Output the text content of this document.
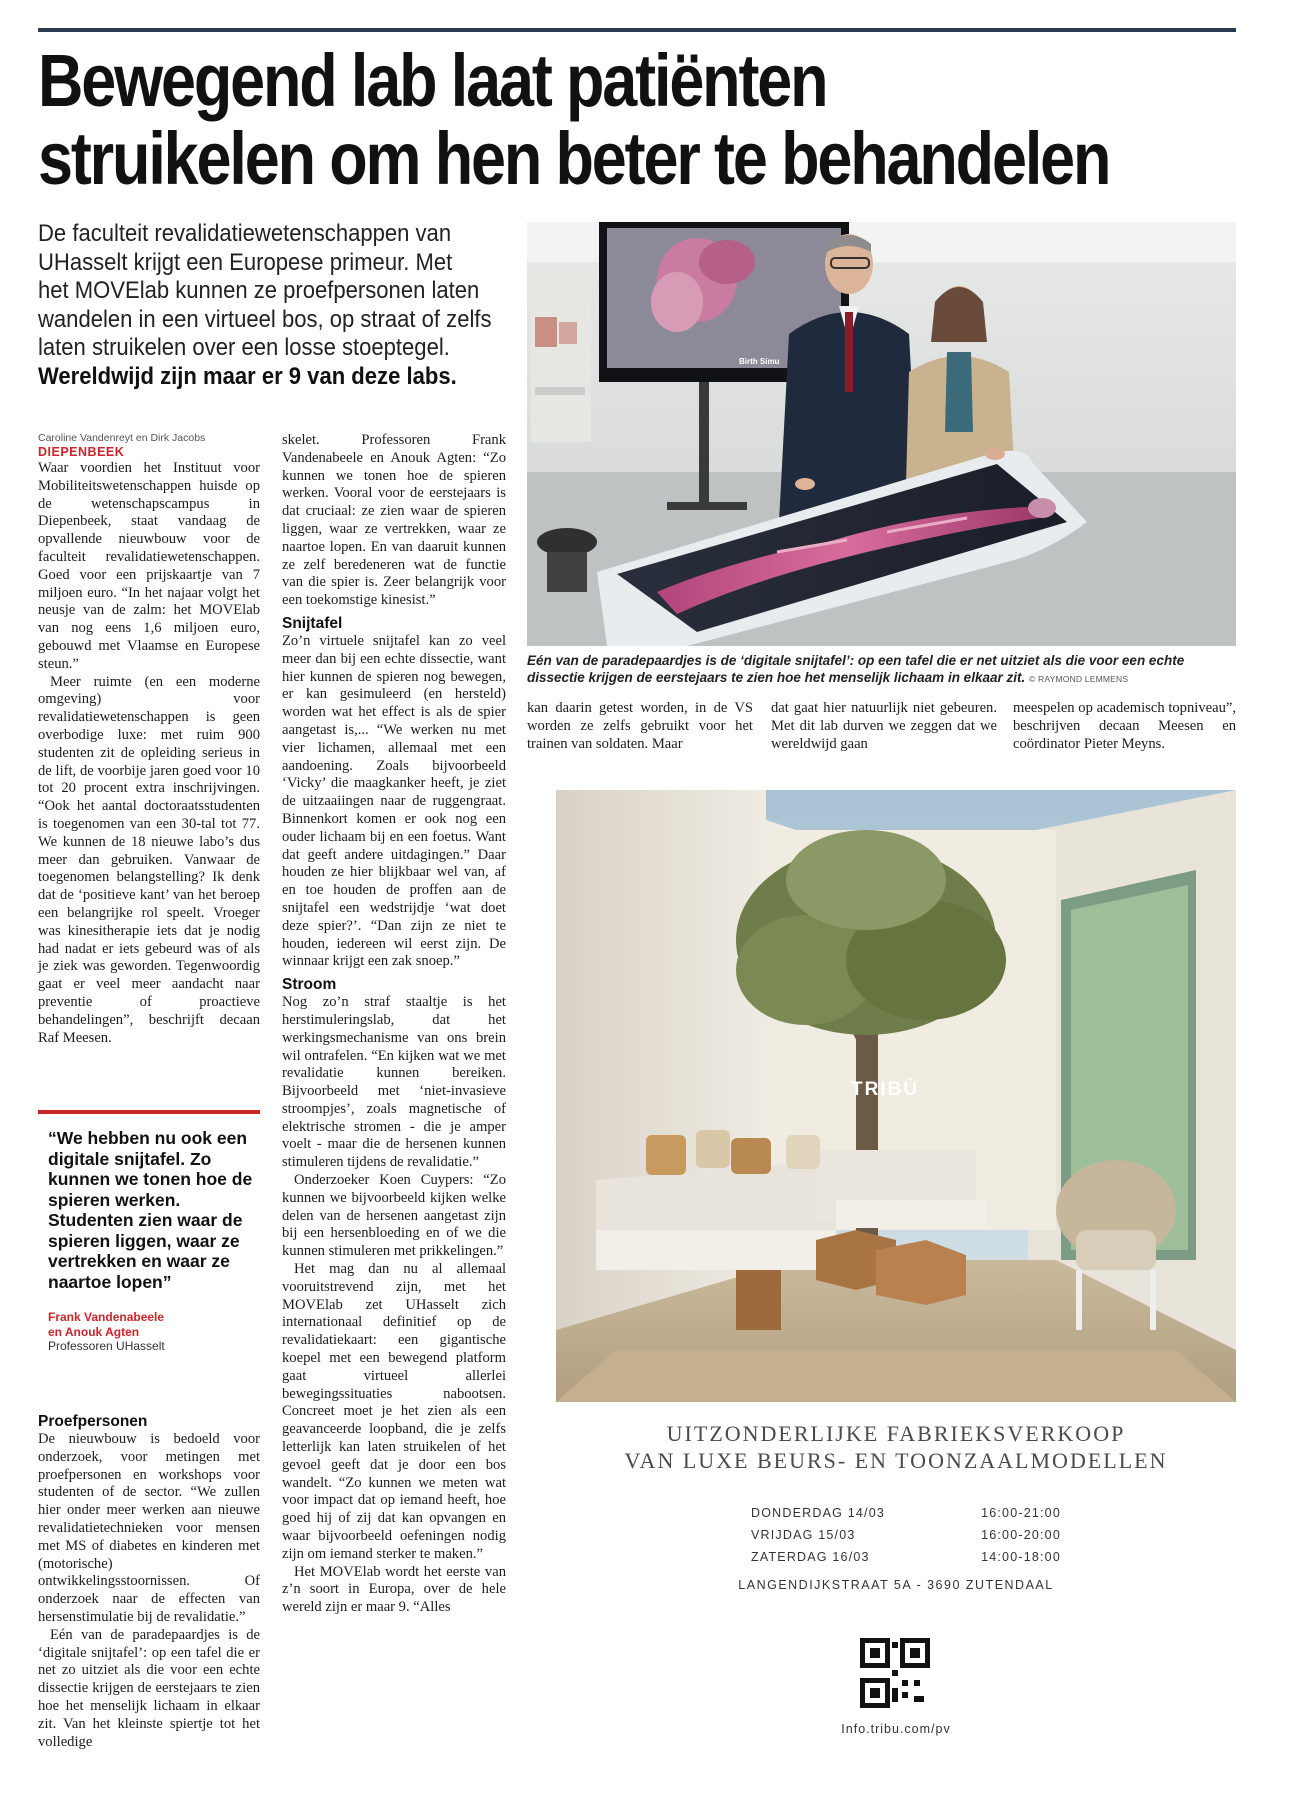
Bewegend lab laat patiënten
struikelen om hen beter te behandelen
De faculteit revalidatiewetenschappen van
UHasselt krijgt een Europese primeur. Met
het MOVElab kunnen ze proefpersonen laten
wandelen in een virtueel bos, op straat of zelfs
laten struikelen over een losse stoeptegel.
Wereldwijd zijn maar er 9 van deze labs.
Birth Simu
Eén van de paradepaardjes is de ‘digitale snijtafel’: op een tafel die er net uitziet als die voor een echte dissectie krijgen de eerstejaars te zien hoe het menselijk lichaam in elkaar zit. © RAYMOND LEMMENS
Caroline Vandenreyt en Dirk Jacobs
DIEPENBEEK

Waar voordien het Instituut voor Mobiliteitswetenschappen huisde op de wetenschapscampus in Diepenbeek, staat vandaag de opvallende nieuwbouw voor de faculteit revalidatiewetenschappen. Goed voor een prijskaartje van 7 miljoen euro. “In het najaar volgt het neusje van de zalm: het MOVElab van nog eens 1,6 miljoen euro, gebouwd met Vlaamse en Europese steun.”

Meer ruimte (en een moderne omgeving) voor revalidatiewetenschappen is geen overbodige luxe: met ruim 900 studenten zit de opleiding serieus in de lift, de voorbije jaren goed voor 10 tot 20 procent extra inschrijvingen. “Ook het aantal doctoraatsstudenten is toegenomen van een 30-tal tot 77. We kunnen de 18 nieuwe labo’s dus meer dan gebruiken. Vanwaar de toegenomen belangstelling? Ik denk dat de ‘positieve kant’ van het beroep een belangrijke rol speelt. Vroeger was kinesitherapie iets dat je nodig had nadat er iets gebeurd was of als je ziek was geworden. Tegenwoordig gaat er veel meer aandacht naar preventie of proactieve behandelingen”, beschrijft decaan Raf Meesen.

“We hebben nu ook een digitale snijtafel. Zo kunnen we tonen hoe de spieren werken. Studenten zien waar de spieren liggen, waar ze vertrekken en waar ze naartoe lopen”
Frank Vandenabeele
en Anouk Agten
Professoren UHasselt
Proefpersonen

De nieuwbouw is bedoeld voor onderzoek, voor metingen met proefpersonen en workshops voor studenten of de sector. “We zullen hier onder meer werken aan nieuwe revalidatietechnieken voor mensen met MS of diabetes en kinderen met (motorische) ontwikkelingsstoornissen. Of onderzoek naar de effecten van hersenstimulatie bij de revalidatie.”

Eén van de paradepaardjes is de ‘digitale snijtafel’: op een tafel die er net zo uitziet als die voor een echte dissectie krijgen de eerstejaars te zien hoe het menselijk lichaam in elkaar zit. Van het kleinste spiertje tot het volledige

skelet. Professoren Frank Vandenabeele en Anouk Agten: “Zo kunnen we tonen hoe de spieren werken. Vooral voor de eerstejaars is dat cruciaal: ze zien waar de spieren liggen, waar ze vertrekken, waar ze naartoe lopen. En van daaruit kunnen ze zelf beredeneren wat de functie van die spier is. Zeer belangrijk voor een toekomstige kinesist.”

Snijtafel

Zo’n virtuele snijtafel kan zo veel meer dan bij een echte dissectie, want hier kunnen de spieren nog bewegen, er kan gesimuleerd (en hersteld) worden wat het effect is als de spier aangetast is,... “We werken nu met vier lichamen, allemaal met een aandoening. Zoals bijvoorbeeld ‘Vicky’ die maagkanker heeft, je ziet de uitzaaiingen naar de ruggengraat. Binnenkort komen er ook nog een ouder lichaam bij en een foetus. Want dat geeft andere uitdagingen.” Daar houden ze hier blijkbaar wel van, af en toe houden de proffen aan de snijtafel een wedstrijdje ‘wat doet deze spier?’. “Dan zijn ze niet te houden, iedereen wil eerst zijn. De winnaar krijgt een zak snoep.”

Stroom

Nog zo’n straf staaltje is het herstimuleringslab, dat het werkingsmechanisme van ons brein wil ontrafelen. “En kijken wat we met revalidatie kunnen bereiken. Bijvoorbeeld met ‘niet-invasieve stroompjes’, zoals magnetische of elektrische stromen - die je amper voelt - maar die de hersenen kunnen stimuleren tijdens de revalidatie.”

Onderzoeker Koen Cuypers: “Zo kunnen we bijvoorbeeld kijken welke delen van de hersenen aangetast zijn bij een hersenbloeding en of we die kunnen stimuleren met prikkelingen.”

Het mag dan nu al allemaal vooruitstrevend zijn, met het MOVElab zet UHasselt zich internationaal definitief op de revalidatiekaart: een gigantische koepel met een bewegend platform gaat virtueel allerlei bewegingssituaties nabootsen. Concreet moet je het zien als een geavanceerde loopband, die je zelfs letterlijk kan laten struikelen of het gevoel geeft dat je door een bos wandelt. “Zo kunnen we meten wat voor impact dat op iemand heeft, hoe goed hij of zij dat kan opvangen en waar bijvoorbeeld oefeningen nodig zijn om iemand sterker te maken.”

Het MOVElab wordt het eerste van z’n soort in Europa, over de hele wereld zijn er maar 9. “Alles

kan daarin getest worden, in de VS worden ze zelfs gebruikt voor het trainen van soldaten. Maar

dat gaat hier natuurlijk niet gebeuren. Met dit lab durven we zeggen dat we wereldwijd gaan

meespelen op academisch topniveau”, beschrijven decaan Meesen en coördinator Pieter Meyns.

TRIBÙ
UITZONDERLIJKE FABRIEKSVERKOOP
VAN LUXE BEURS- EN TOONZAALMODELLEN
DONDERDAG 14/03	16:00-21:00
VRIJDAG 15/03	16:00-20:00
ZATERDAG 16/03	14:00-18:00
LANGENDIJKSTRAAT 5A - 3690 ZUTENDAAL
Info.tribu.com/pv
